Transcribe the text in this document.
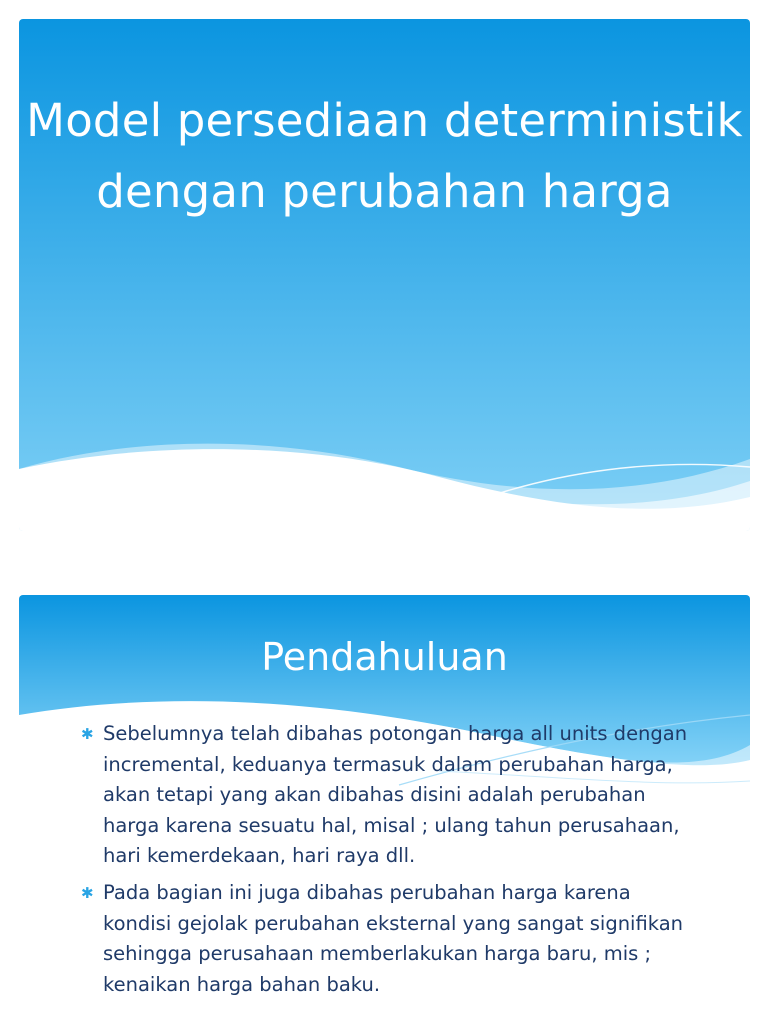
Model persediaan deterministik dengan perubahan harga
Pendahuluan
✱ Sebelumnya telah dibahas potongan harga all units dengan incremental, keduanya termasuk dalam perubahan harga, akan tetapi yang akan dibahas disini adalah perubahan harga karena sesuatu hal, misal ; ulang tahun perusahaan, hari kemerdekaan, hari raya dll.
✱ Pada bagian ini juga dibahas perubahan harga karena kondisi gejolak perubahan eksternal yang sangat signifikan sehingga perusahaan memberlakukan harga baru, mis ; kenaikan harga bahan baku.
